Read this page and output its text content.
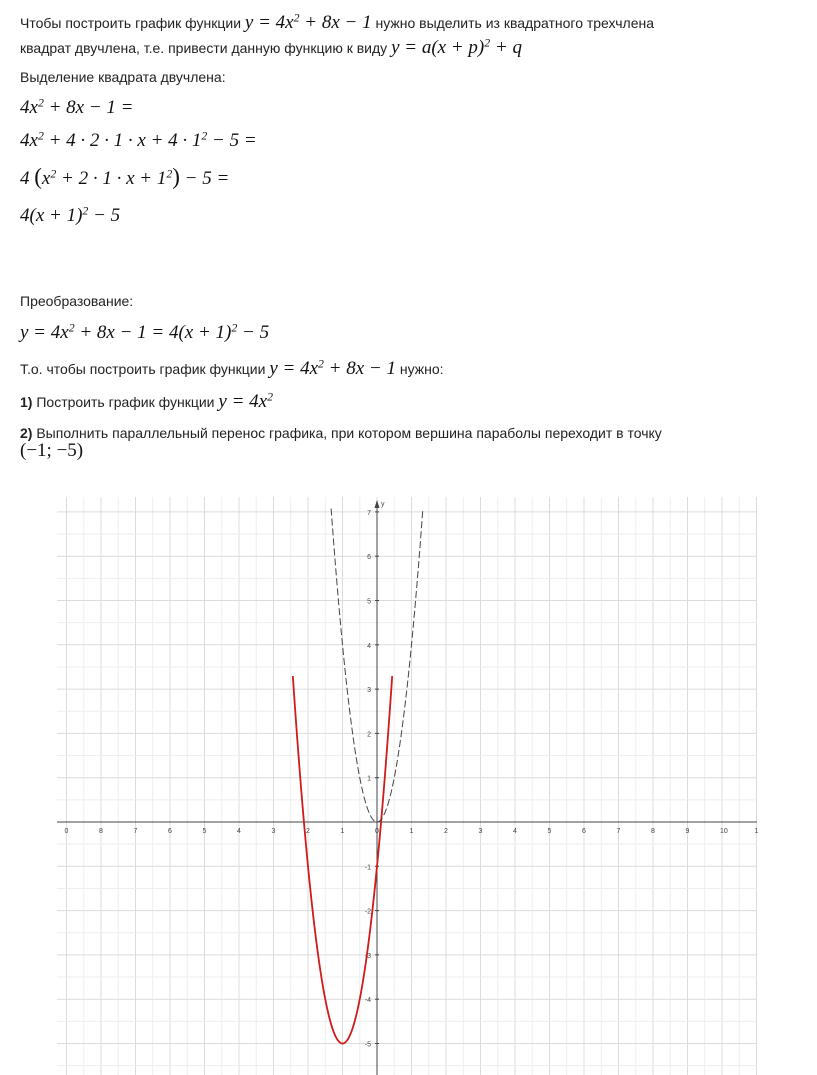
Чтобы построить график функции $y = 4x^2 + 8x - 1$ нужно выделить из квадратного трехчлена
квадрат двучлена, т.е. привести данную функцию к виду $y = a(x + p)^2 + q$
Выделение квадрата двучлена:
$4x^2 + 8x - 1$ =
$4x^2 + 4 \cdot 2 \cdot 1 \cdot x + 4 \cdot 1^2 - 5$ =
4 $(x^2 + 2 \cdot 1 \cdot x + 1^2) - 5$ =
$4(x + 1)^2 - 5$
Преобразование:
$y = 4x^2 + 8x - 1 = 4(x + 1)^2 - 5$
Т.о. чтобы построить график функции $y = 4x^2 + 8x - 1$ нужно:
1) Построить график функции $y = 4x^2$
2) Выполнить параллельный перенос графика, при котором вершина параболы переходит в точку
(−1; −5)
y
0	8	7	6	5	4	3	2	1	0	1	2	3	4	5	6	7	8	9	10	1
7
6
5
4
3
2
1
-1
-2
-3
-4
-5
